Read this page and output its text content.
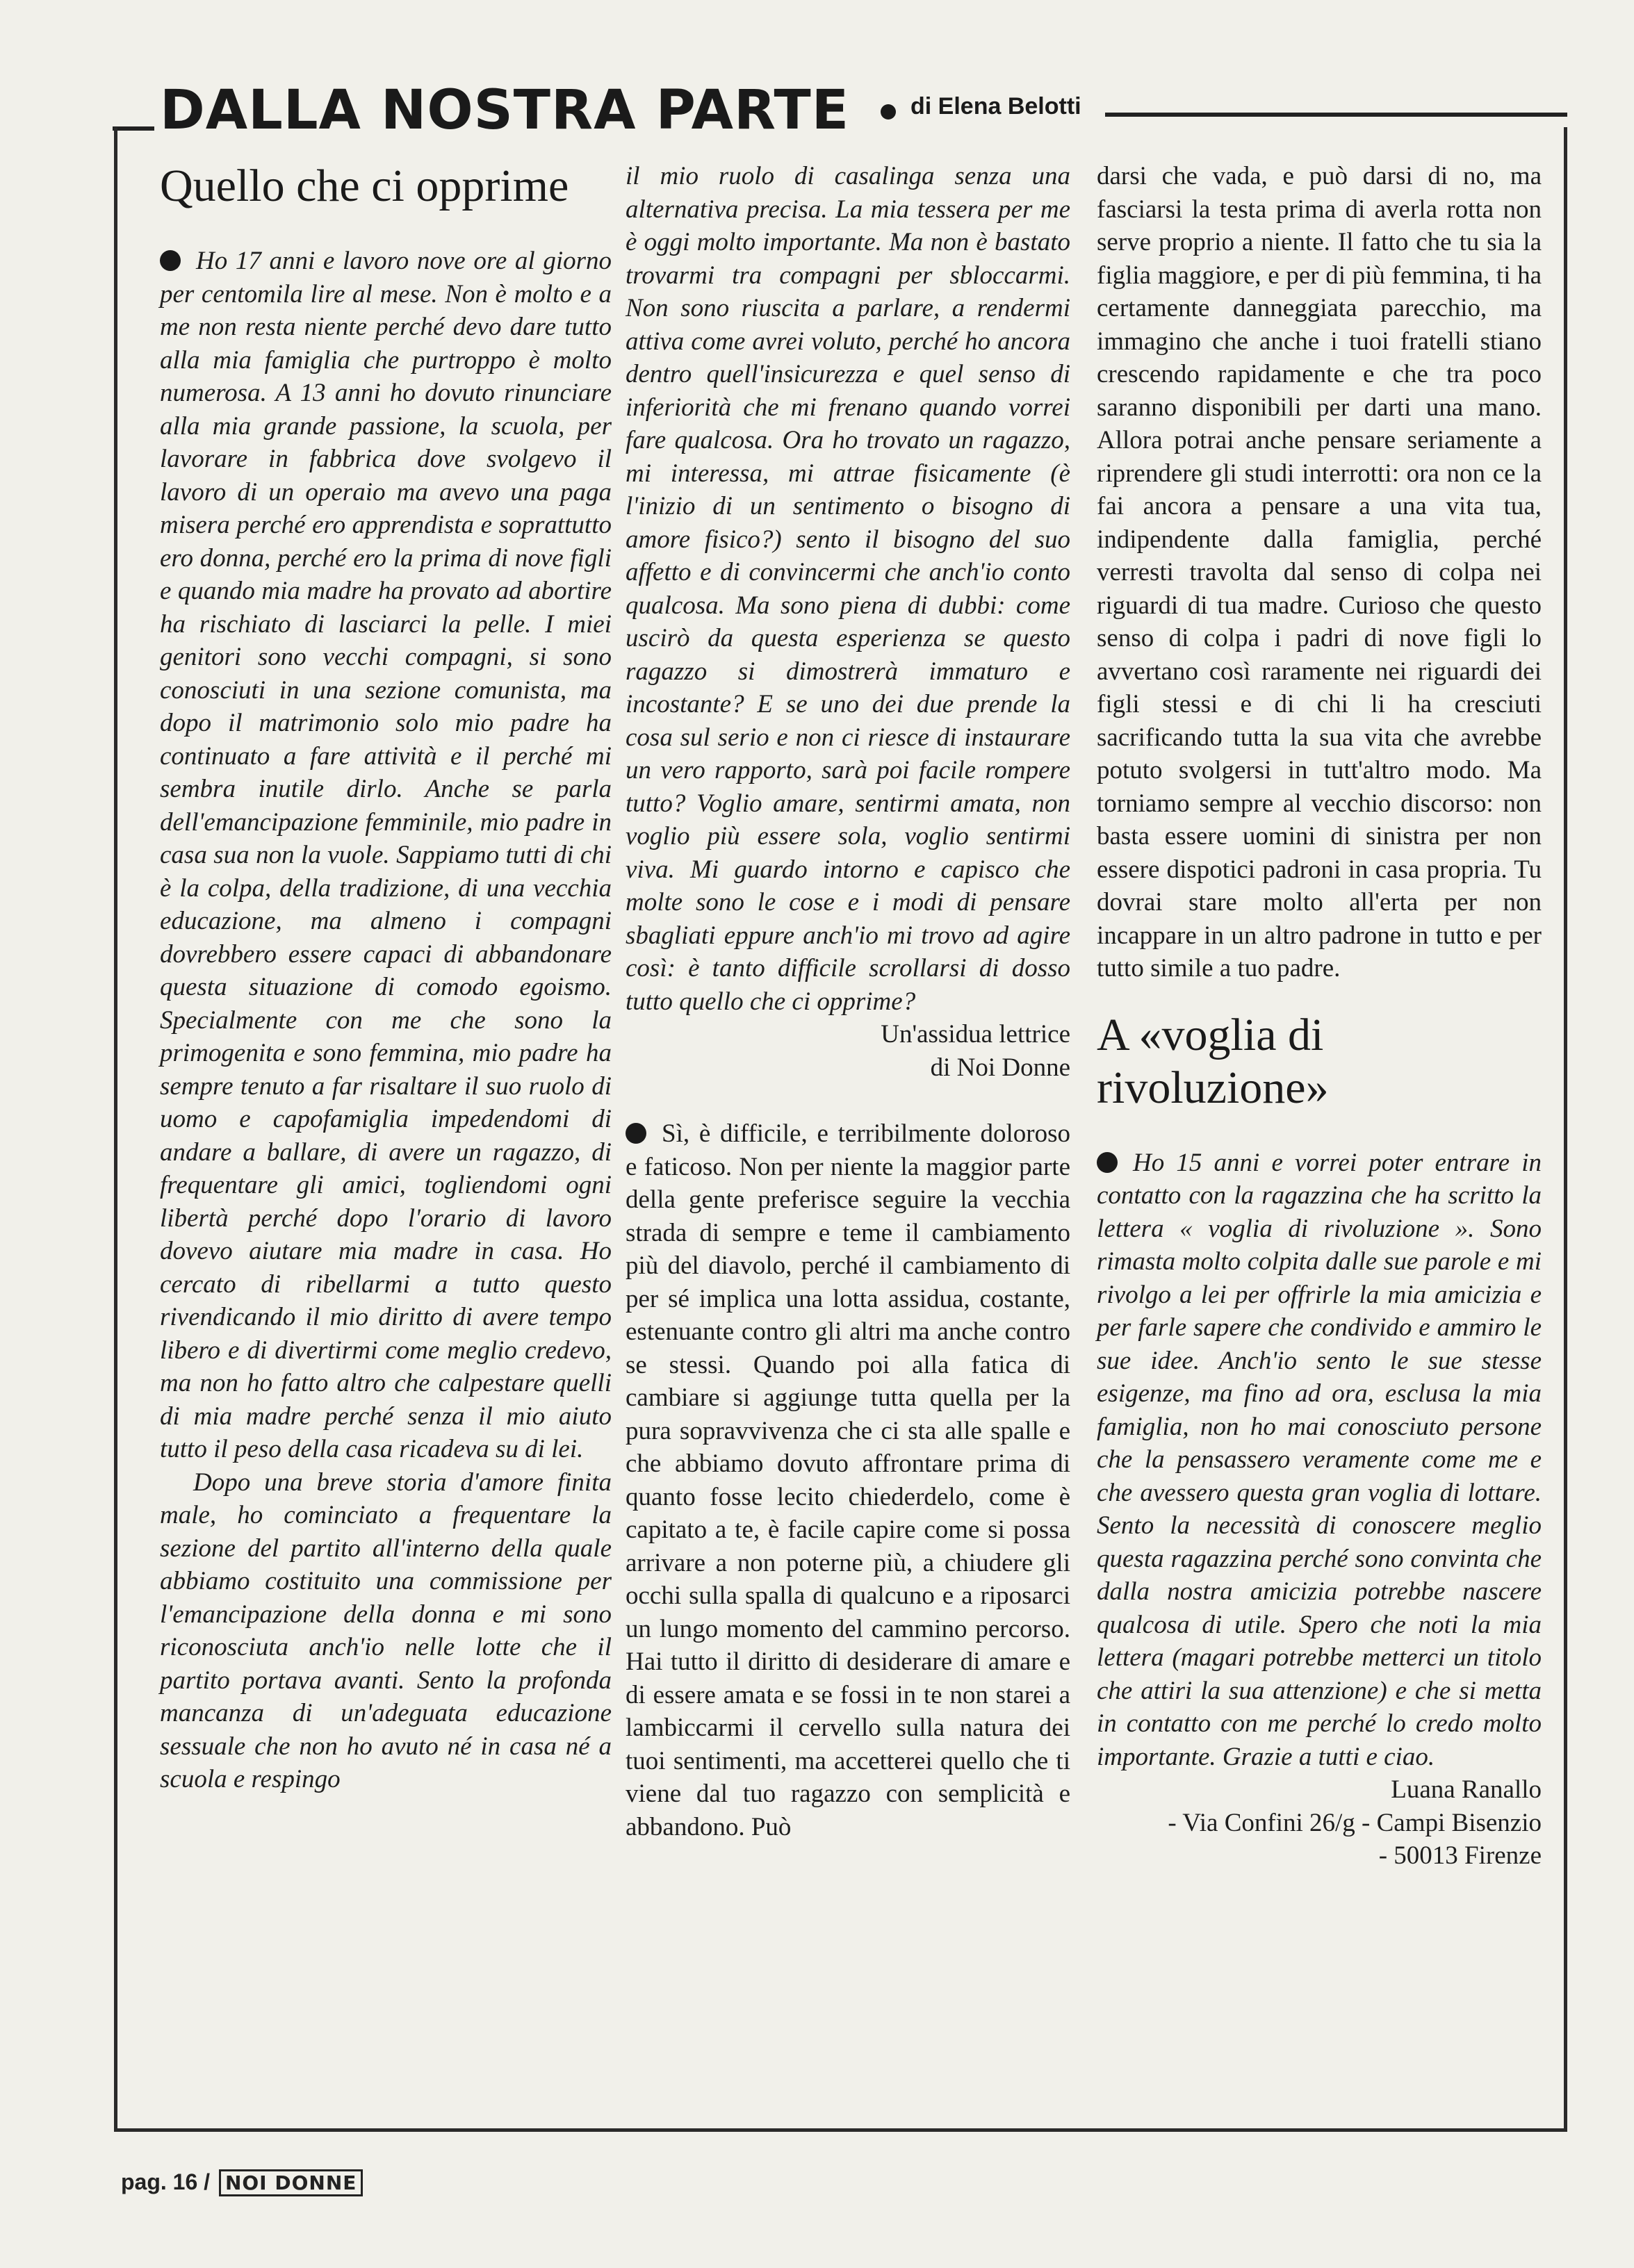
DALLA NOSTRA PARTE	di Elena Belotti
Quello che ci opprime

Ho 17 anni e lavoro nove ore al giorno per centomila lire al mese. Non è molto e a me non resta niente perché devo dare tutto alla mia famiglia che purtroppo è molto numerosa. A 13 anni ho dovuto rinunciare alla mia grande passione, la scuola, per lavorare in fabbrica dove svolgevo il lavoro di un operaio ma avevo una paga misera perché ero apprendista e soprattutto ero donna, perché ero la prima di nove figli e quando mia madre ha provato ad abortire ha rischiato di lasciarci la pelle. I miei genitori sono vecchi compagni, si sono conosciuti in una sezione comunista, ma dopo il matrimonio solo mio padre ha continuato a fare attività e il perché mi sembra inutile dirlo. Anche se parla dell'emancipazione femminile, mio padre in casa sua non la vuole. Sappiamo tutti di chi è la colpa, della tradizione, di una vecchia educazione, ma almeno i compagni dovrebbero essere capaci di abbandonare questa situazione di comodo egoismo. Specialmente con me che sono la primogenita e sono femmina, mio padre ha sempre tenuto a far risaltare il suo ruolo di uomo e capofamiglia impedendomi di andare a ballare, di avere un ragazzo, di frequentare gli amici, togliendomi ogni libertà perché dopo l'orario di lavoro dovevo aiutare mia madre in casa. Ho cercato di ribellarmi a tutto questo rivendicando il mio diritto di avere tempo libero e di divertirmi come meglio credevo, ma non ho fatto altro che calpestare quelli di mia madre perché senza il mio aiuto tutto il peso della casa ricadeva su di lei.

Dopo una breve storia d'amore finita male, ho cominciato a frequentare la sezione del partito all'interno della quale abbiamo costituito una commissione per l'emancipazione della donna e mi sono riconosciuta anch'io nelle lotte che il partito portava avanti. Sento la profonda mancanza di un'adeguata educazione sessuale che non ho avuto né in casa né a scuola e respingo

il mio ruolo di casalinga senza una alternativa precisa. La mia tessera per me è oggi molto importante. Ma non è bastato trovarmi tra compagni per sbloccarmi. Non sono riuscita a parlare, a rendermi attiva come avrei voluto, perché ho ancora dentro quell'insicurezza e quel senso di inferiorità che mi frenano quando vorrei fare qualcosa. Ora ho trovato un ragazzo, mi interessa, mi attrae fisicamente (è l'inizio di un sentimento o bisogno di amore fisico?) sento il bisogno del suo affetto e di convincermi che anch'io conto qualcosa. Ma sono piena di dubbi: come uscirò da questa esperienza se questo ragazzo si dimostrerà immaturo e incostante? E se uno dei due prende la cosa sul serio e non ci riesce di instaurare un vero rapporto, sarà poi facile rompere tutto? Voglio amare, sentirmi amata, non voglio più essere sola, voglio sentirmi viva. Mi guardo intorno e capisco che molte sono le cose e i modi di pensare sbagliati eppure anch'io mi trovo ad agire così: è tanto difficile scrollarsi di dosso tutto quello che ci opprime?

Un'assidua lettrice

di Noi Donne

Sì, è difficile, e terribilmente doloroso e faticoso. Non per niente la maggior parte della gente preferisce seguire la vecchia strada di sempre e teme il cambiamento più del diavolo, perché il cambiamento di per sé implica una lotta assidua, costante, estenuante contro gli altri ma anche contro se stessi. Quando poi alla fatica di cambiare si aggiunge tutta quella per la pura sopravvivenza che ci sta alle spalle e che abbiamo dovuto affrontare prima di quanto fosse lecito chiederdelo, come è capitato a te, è facile capire come si possa arrivare a non poterne più, a chiudere gli occhi sulla spalla di qualcuno e a riposarci un lungo momento del cammino percorso. Hai tutto il diritto di desiderare di amare e di essere amata e se fossi in te non starei a lambiccarmi il cervello sulla natura dei tuoi sentimenti, ma accetterei quello che ti viene dal tuo ragazzo con semplicità e abbandono. Può

darsi che vada, e può darsi di no, ma fasciarsi la testa prima di averla rotta non serve proprio a niente. Il fatto che tu sia la figlia maggiore, e per di più femmina, ti ha certamente danneggiata parecchio, ma immagino che anche i tuoi fratelli stiano crescendo rapidamente e che tra poco saranno disponibili per darti una mano. Allora potrai anche pensare seriamente a riprendere gli studi interrotti: ora non ce la fai ancora a pensare a una vita tua, indipendente dalla famiglia, perché verresti travolta dal senso di colpa nei riguardi di tua madre. Curioso che questo senso di colpa i padri di nove figli lo avvertano così raramente nei riguardi dei figli stessi e di chi li ha cresciuti sacrificando tutta la sua vita che avrebbe potuto svolgersi in tutt'altro modo. Ma torniamo sempre al vecchio discorso: non basta essere uomini di sinistra per non essere dispotici padroni in casa propria. Tu dovrai stare molto all'erta per non incappare in un altro padrone in tutto e per tutto simile a tuo padre.

A «voglia di rivoluzione»

Ho 15 anni e vorrei poter entrare in contatto con la ragazzina che ha scritto la lettera « voglia di rivoluzione ». Sono rimasta molto colpita dalle sue parole e mi rivolgo a lei per offrirle la mia amicizia e per farle sapere che condivido e ammiro le sue idee. Anch'io sento le sue stesse esigenze, ma fino ad ora, esclusa la mia famiglia, non ho mai conosciuto persone che la pensassero veramente come me e che avessero questa gran voglia di lottare. Sento la necessità di conoscere meglio questa ragazzina perché sono convinta che dalla nostra amicizia potrebbe nascere qualcosa di utile. Spero che noti la mia lettera (magari potrebbe metterci un titolo che attiri la sua attenzione) e che si metta in contatto con me perché lo credo molto importante. Grazie a tutti e ciao.

Luana Ranallo

- Via Confini 26/g - Campi Bisenzio

- 50013 Firenze

pag. 16 / NOI DONNE
